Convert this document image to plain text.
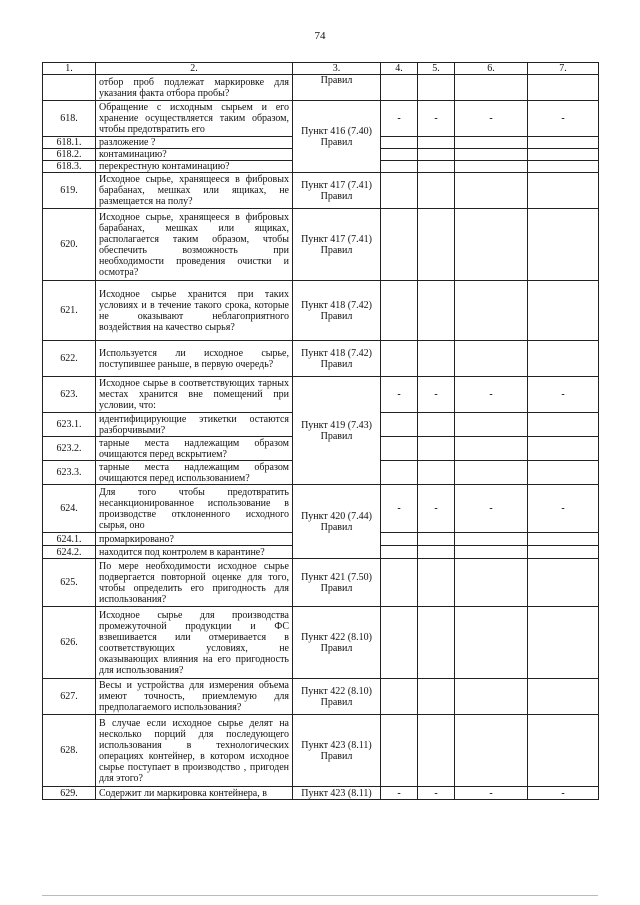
74
1.	2.	3.	4.	5.	6.	7.
	отбор проб подлежат маркировке для указания факта отбора пробы?	Правил				
618.	Обращение с исходным сырьем и его хранение осуществляется таким образом, чтобы предотвратить его	Пункт 416 (7.40) Правил	-	-	-	-
618.1.	разложение ?					
618.2.	контаминацию?					
618.3.	перекрестную контаминацию?					
619.	Исходное сырье, хранящееся в фибровых барабанах, мешках или ящиках, не размещается на полу?	Пункт 417 (7.41) Правил				
620.	Исходное сырье, хранящееся в фибровых барабанах, мешках или ящиках, располагается таким образом, чтобы обеспечить возможность при необходимости проведения очистки и осмотра?	Пункт 417 (7.41) Правил				
621.	Исходное сырье хранится при таких условиях и в течение такого срока, которые не оказывают неблагоприятного воздействия на качество сырья?	Пункт 418 (7.42) Правил				
622.	Используется ли исходное сырье, поступившее раньше, в первую очередь?	Пункт 418 (7.42) Правил				
623.	Исходное сырье в соответствующих тарных местах хранится вне помещений при условии, что:	Пункт 419 (7.43) Правил	-	-	-	-
623.1.	идентифицирующие этикетки остаются разборчивыми?					
623.2.	тарные места надлежащим образом очищаются перед вскрытием?					
623.3.	тарные места надлежащим образом очищаются перед использованием?					
624.	Для того чтобы предотвратить несанкционированное использование в производстве отклоненного исходного сырья, оно	Пункт 420 (7.44) Правил	-	-	-	-
624.1.	промаркировано?					
624.2.	находится под контролем в карантине?					
625.	По мере необходимости исходное сырье подвергается повторной оценке для того, чтобы определить его пригодность для использования?	Пункт 421 (7.50) Правил				
626.	Исходное сырье для производства промежуточной продукции и ФС взвешивается или отмеривается в соответствующих условиях, не оказывающих влияния на его пригодность для использования?	Пункт 422 (8.10) Правил				
627.	Весы и устройства для измерения объема имеют точность, приемлемую для предполагаемого использования?	Пункт 422 (8.10) Правил				
628.	В случае если исходное сырье делят на несколько порций для последующего использования в технологических операциях контейнер, в котором исходное сырье поступает в производство , пригоден для этого?	Пункт 423 (8.11) Правил				
629.	Содержит ли маркировка контейнера, в	Пункт 423 (8.11)	-	-	-	-
